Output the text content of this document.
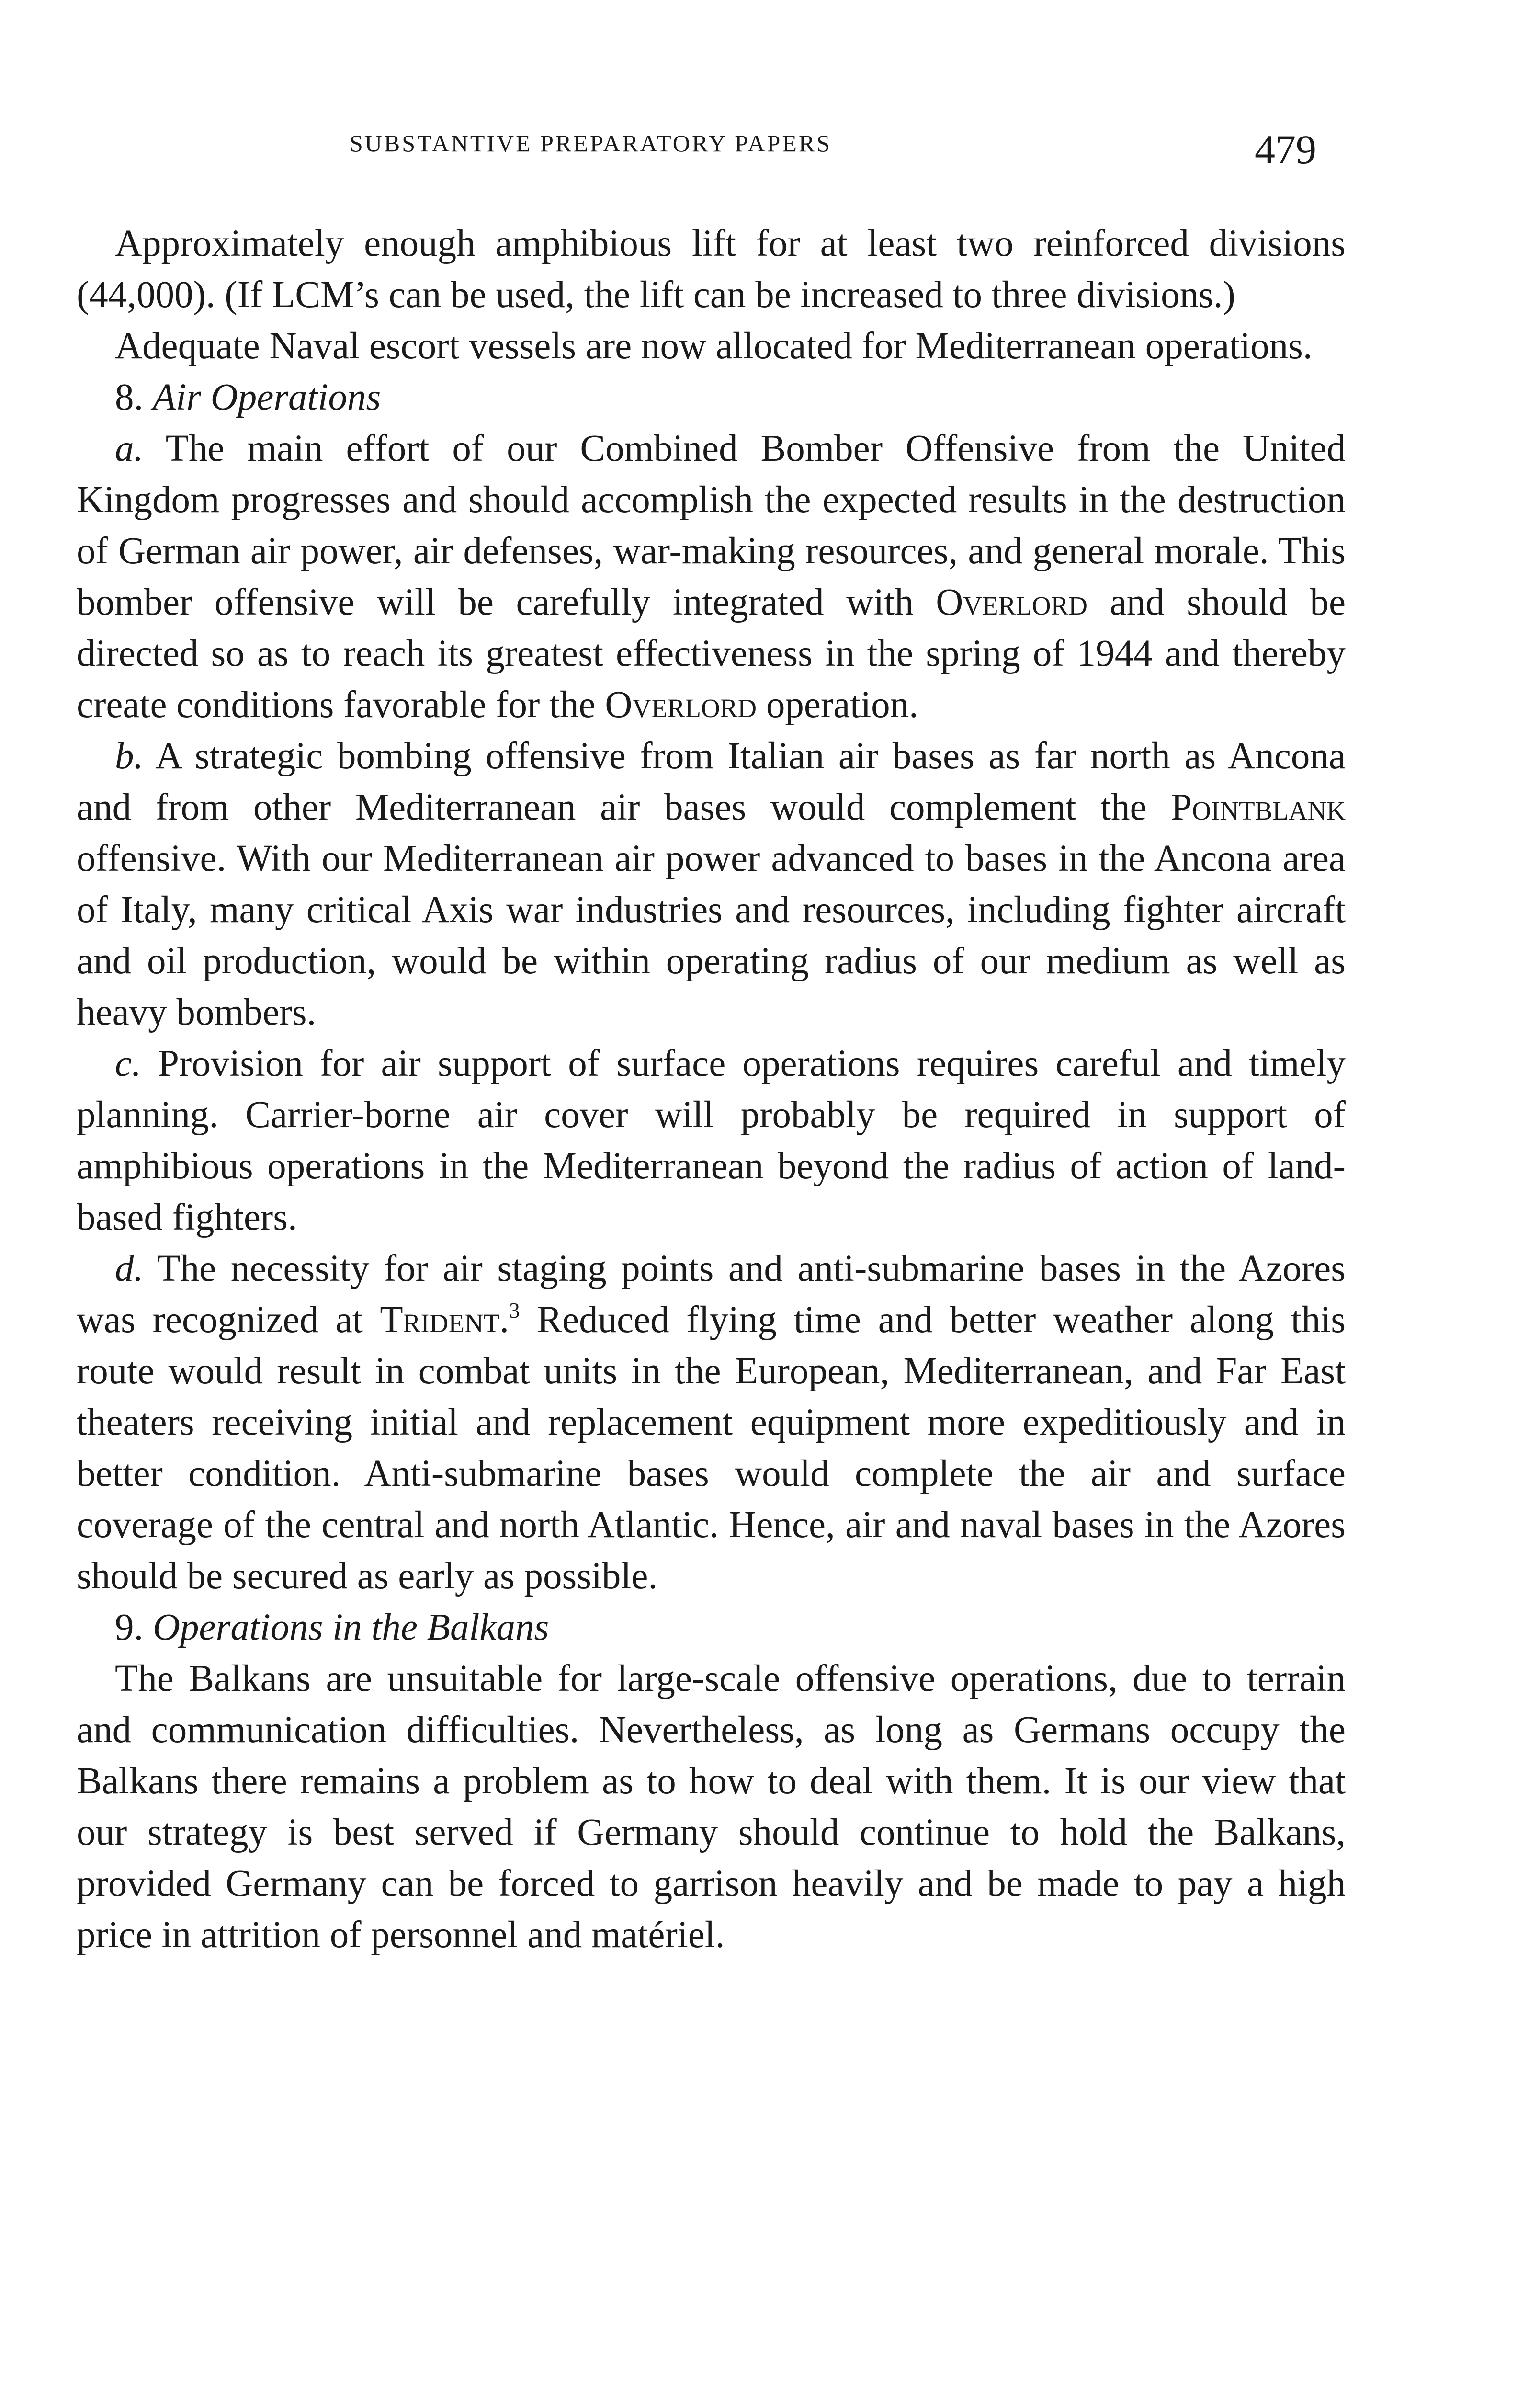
SUBSTANTIVE PREPARATORY PAPERS	479

Approximately enough amphibious lift for at least two reinforced divisions (44,000). (If LCM’s can be used, the lift can be increased to three divisions.)

Adequate Naval escort vessels are now allocated for Mediterranean operations.

8. Air Operations

a. The main effort of our Combined Bomber Offensive from the United Kingdom progresses and should accomplish the expected results in the destruction of German air power, air defenses, war-making resources, and general morale. This bomber offensive will be carefully integrated with Overlord and should be directed so as to reach its greatest effectiveness in the spring of 1944 and thereby create conditions favorable for the Overlord operation.

b. A strategic bombing offensive from Italian air bases as far north as Ancona and from other Mediterranean air bases would complement the Pointblank offensive. With our Mediterranean air power advanced to bases in the Ancona area of Italy, many critical Axis war industries and resources, including fighter aircraft and oil production, would be within operating radius of our medium as well as heavy bombers.

c. Provision for air support of surface operations requires careful and timely planning. Carrier-borne air cover will probably be required in support of amphibious operations in the Mediterranean beyond the radius of action of land-based fighters.

d. The necessity for air staging points and anti-submarine bases in the Azores was recognized at Trident.$^3$ Reduced flying time and better weather along this route would result in combat units in the European, Mediterranean, and Far East theaters receiving initial and replacement equipment more expeditiously and in better condition. Anti-submarine bases would complete the air and surface coverage of the central and north Atlantic. Hence, air and naval bases in the Azores should be secured as early as possible.

9. Operations in the Balkans

The Balkans are unsuitable for large-scale offensive operations, due to terrain and communication difficulties. Nevertheless, as long as Germans occupy the Balkans there remains a problem as to how to deal with them. It is our view that our strategy is best served if Germany should continue to hold the Balkans, provided Germany can be forced to garrison heavily and be made to pay a high price in attrition of personnel and matériel.
